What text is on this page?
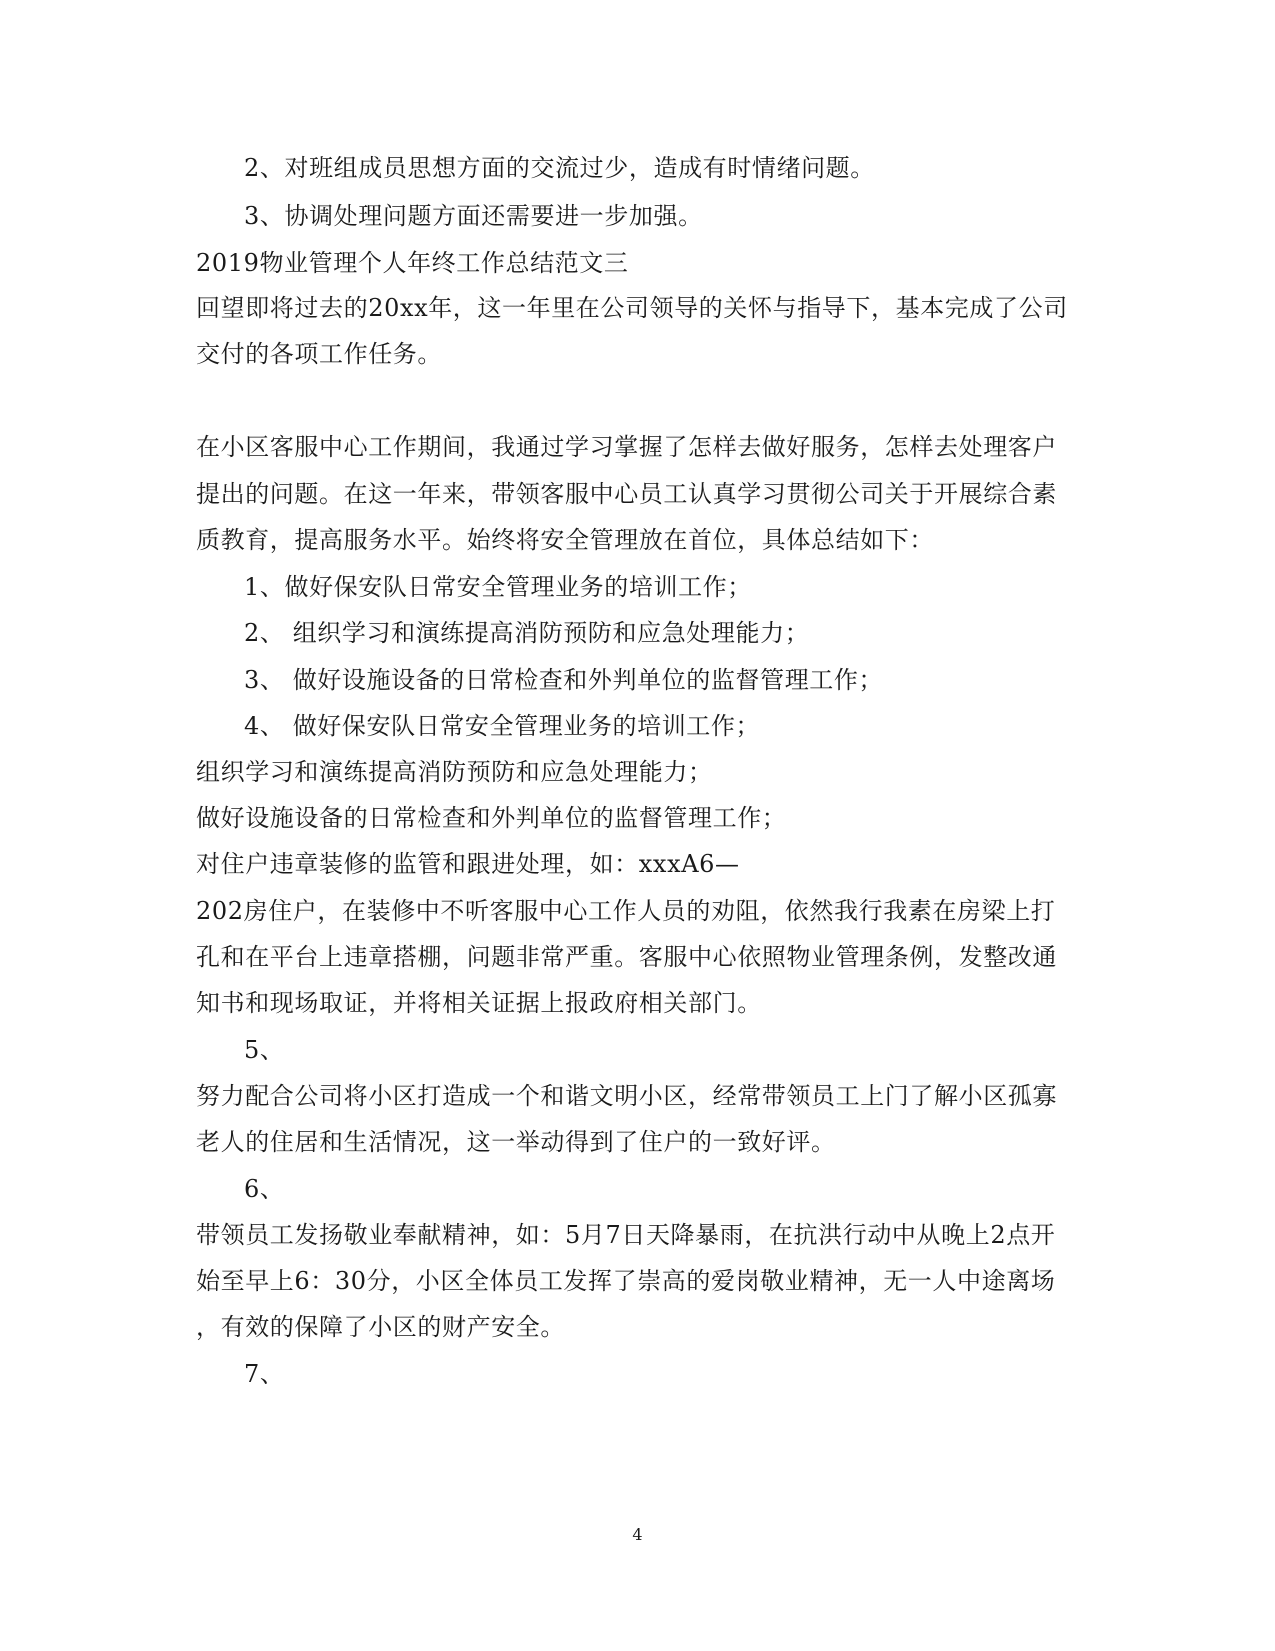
2、对班组成员思想方面的交流过少，造成有时情绪问题。

3、协调处理问题方面还需要进一步加强。

2019物业管理个人年终工作总结范文三

回望即将过去的20xx年，这一年里在公司领导的关怀与指导下，基本完成了公司

交付的各项工作任务。

在小区客服中心工作期间，我通过学习掌握了怎样去做好服务，怎样去处理客户

提出的问题。在这一年来，带领客服中心员工认真学习贯彻公司关于开展综合素

质教育，提高服务水平。始终将安全管理放在首位，具体总结如下：

1、做好保安队日常安全管理业务的培训工作；

2、 组织学习和演练提高消防预防和应急处理能力；

3、 做好设施设备的日常检查和外判单位的监督管理工作；

4、 做好保安队日常安全管理业务的培训工作；

组织学习和演练提高消防预防和应急处理能力；

做好设施设备的日常检查和外判单位的监督管理工作；

对住户违章装修的监管和跟进处理，如：xxxA6—

202房住户，在装修中不听客服中心工作人员的劝阻，依然我行我素在房梁上打

孔和在平台上违章搭棚，问题非常严重。客服中心依照物业管理条例，发整改通

知书和现场取证，并将相关证据上报政府相关部门。

5、

努力配合公司将小区打造成一个和谐文明小区，经常带领员工上门了解小区孤寡

老人的住居和生活情况，这一举动得到了住户的一致好评。

6、

带领员工发扬敬业奉献精神，如：5月7日天降暴雨，在抗洪行动中从晚上2点开

始至早上6：30分，小区全体员工发挥了崇高的爱岗敬业精神，无一人中途离场

，有效的保障了小区的财产安全。

7、

4
